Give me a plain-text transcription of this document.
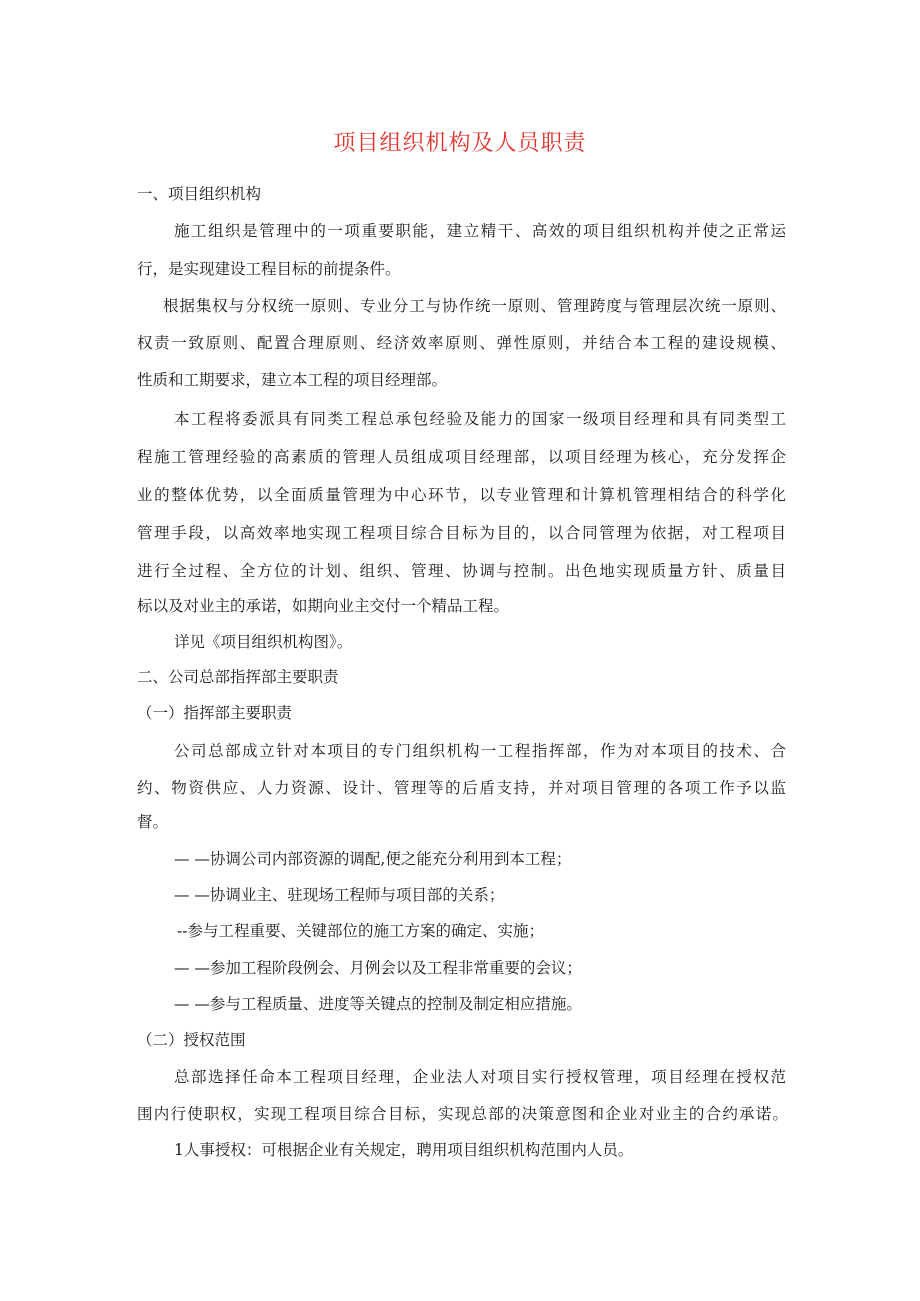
项目组织机构及人员职责
一、项目组织机构
施工组织是管理中的一项重要职能，建立精干、高效的项目组织机构并使之正常运
行，是实现建设工程目标的前提条件。
根据集权与分权统一原则、专业分工与协作统一原则、管理跨度与管理层次统一原则、
权责一致原则、配置合理原则、经济效率原则、弹性原则，并结合本工程的建设规模、
性质和工期要求，建立本工程的项目经理部。
本工程将委派具有同类工程总承包经验及能力的国家一级项目经理和具有同类型工
程施工管理经验的高素质的管理人员组成项目经理部，以项目经理为核心，充分发挥企
业的整体优势，以全面质量管理为中心环节，以专业管理和计算机管理相结合的科学化
管理手段，以高效率地实现工程项目综合目标为目的，以合同管理为依据，对工程项目
进行全过程、全方位的计划、组织、管理、协调与控制。出色地实现质量方针、质量目
标以及对业主的承诺，如期向业主交付一个精品工程。
详见《项目组织机构图》。
二、公司总部指挥部主要职责
（一）指挥部主要职责
公司总部成立针对本项目的专门组织机构一工程指挥部，作为对本项目的技术、合
约、物资供应、人力资源、设计、管理等的后盾支持，并对项目管理的各项工作予以监
督。
— —协调公司内部资源的调配,便之能充分利用到本工程；
— —协调业主、驻现场工程师与项目部的关系；
--参与工程重要、关键部位的施工方案的确定、实施；
— —参加工程阶段例会、月例会以及工程非常重要的会议；
— —参与工程质量、进度等关键点的控制及制定相应措施。
（二）授权范围
总部选择任命本工程项目经理，企业法人对项目实行授权管理，项目经理在授权范
围内行使职权，实现工程项目综合目标，实现总部的决策意图和企业对业主的合约承诺。
1人事授权：可根据企业有关规定，聘用项目组织机构范围内人员。
